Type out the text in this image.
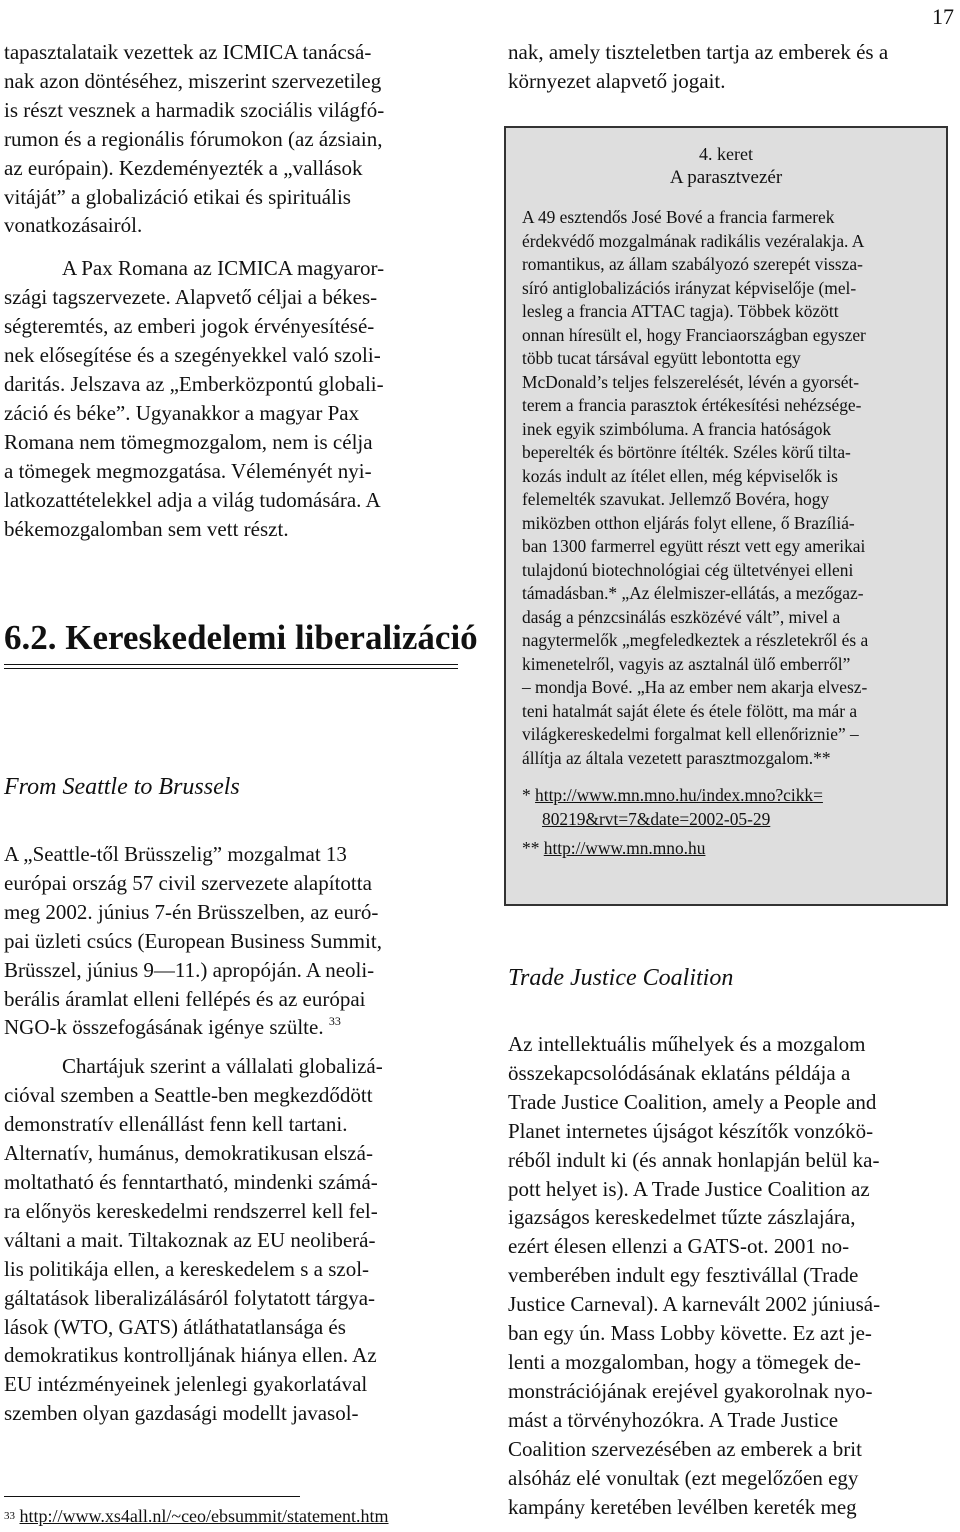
17

tapasztalataik vezettek az ICMICA tanácsá-
nak azon döntéséhez, miszerint szervezetileg
is részt vesznek a harmadik szociális világfó-
rumon és a regionális fórumokon (az ázsiain,
az európain). Kezdeményezték a „vallások
vitáját” a globalizáció etikai és spirituális
vonatkozásairól.

A Pax Romana az ICMICA magyaror-
szági tagszervezete. Alapvető céljai a békes-
ségteremtés, az emberi jogok érvényesítésé-
nek elősegítése és a szegényekkel való szoli-
daritás. Jelszava az „Emberközpontú globali-
záció és béke”. Ugyanakkor a magyar Pax
Romana nem tömegmozgalom, nem is célja
a tömegek megmozgatása. Véleményét nyi-
latkozattételekkel adja a világ tudomására. A
békemozgalomban sem vett részt.

6.2. Kereskedelemi liberalizáció
From Seattle to Brussels

A „Seattle-től Brüsszelig” mozgalmat 13
európai ország 57 civil szervezete alapította
meg 2002. június 7-én Brüsszelben, az euró-
pai üzleti csúcs (European Business Summit,
Brüsszel, június 9—11.) apropóján. A neoli-
berális áramlat elleni fellépés és az európai
NGO-k összefogásának igénye szülte. $^{33}$

Chartájuk szerint a vállalati globalizá-
cióval szemben a Seattle-ben megkezdődött
demonstratív ellenállást fenn kell tartani.
Alternatív, humánus, demokratikusan elszá-
moltatható és fenntartható, mindenki számá-
ra előnyös kereskedelmi rendszerrel kell fel-
váltani a mait. Tiltakoznak az EU neoliberá-
lis politikája ellen, a kereskedelem s a szol-
gáltatások liberalizálásáról folytatott tárgya-
lások (WTO, GATS) átláthatatlansága és
demokratikus kontrolljának hiánya ellen. Az
EU intézményeinek jelenlegi gyakorlatával
szemben olyan gazdasági modellt javasol-

$^{33}$ http://www.xs4all.nl/~ceo/ebsummit/statement.htm

nak, amely tiszteletben tartja az emberek és a
környezet alapvető jogait.

4. keret

A parasztvezér

A 49 esztendős José Bové a francia farmerek
érdekvédő mozgalmának radikális vezéralakja. A
romantikus, az állam szabályozó szerepét vissza-
síró antiglobalizációs irányzat képviselője (mel-
lesleg a francia ATTAC tagja). Többek között
onnan híresült el, hogy Franciaországban egyszer
több tucat társával együtt lebontotta egy
McDonald’s teljes felszerelését, lévén a gyorsét-
terem a francia parasztok értékesítési nehézsége-
inek egyik szimbóluma. A francia hatóságok
beperelték és börtönre ítélték. Széles körű tilta-
kozás indult az ítélet ellen, még képviselők is
felemelték szavukat. Jellemző Bovéra, hogy
miközben otthon eljárás folyt ellene, ő Brazíliá-
ban 1300 farmerrel együtt részt vett egy amerikai
tulajdonú biotechnológiai cég ültetvényei elleni
támadásban.* „Az élelmiszer-ellátás, a mezőgaz-
daság a pénzcsinálás eszközévé vált”, mivel a
nagytermelők „megfeledkeztek a részletekről és a
kimenetelről, vagyis az asztalnál ülő emberről”
– mondja Bové. „Ha az ember nem akarja elvesz-
teni hatalmát saját élete és étele fölött, ma már a
világkereskedelmi forgalmat kell ellenőriznie” –
állítja az általa vezetett parasztmozgalom.**

* http://www.mn.mno.hu/index.mno?cikk=
80219&rvt=7&date=2002-05-29
** http://www.mn.mno.hu
Trade Justice Coalition

Az intellektuális műhelyek és a mozgalom
összekapcsolódásának eklatáns példája a
Trade Justice Coalition, amely a People and
Planet internetes újságot készítők vonzókö-
réből indult ki (és annak honlapján belül ka-
pott helyet is). A Trade Justice Coalition az
igazságos kereskedelmet tűzte zászlajára,
ezért élesen ellenzi a GATS-ot. 2001 no-
vemberében indult egy fesztivállal (Trade
Justice Carneval). A karnevált 2002 júniusá-
ban egy ún. Mass Lobby követte. Ez azt je-
lenti a mozgalomban, hogy a tömegek de-
monstrációjának erejével gyakorolnak nyo-
mást a törvényhozókra. A Trade Justice
Coalition szervezésében az emberek a brit
alsóház elé vonultak (ezt megelőzően egy
kampány keretében levélben kereték meg
